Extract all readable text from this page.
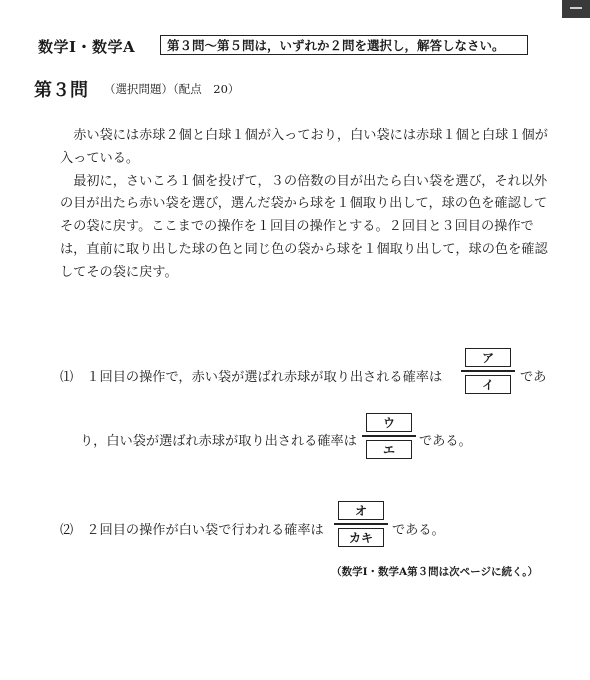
数学Ⅰ・数学A	第３問～第５問は，いずれか２問を選択し，解答しなさい。
第３問 （選択問題）（配点　20）

赤い袋には赤球２個と白球１個が入っており，白い袋には赤球１個と白球１個が入っている。

最初に，さいころ１個を投げて，３の倍数の目が出たら白い袋を選び，それ以外の目が出たら赤い袋を選び，選んだ袋から球を１個取り出して，球の色を確認してその袋に戻す。ここまでの操作を１回目の操作とする。２回目と３回目の操作では，直前に取り出した球の色と同じ色の袋から球を１個取り出して，球の色を確認してその袋に戻す。

⑴　１回目の操作で，赤い袋が選ばれ赤球が取り出される確率は
ア
イ	であ
り，白い袋が選ばれ赤球が取り出される確率は
ウ
エ
である。
⑵　２回目の操作が白い袋で行われる確率は
オ
カキ	である。
（数学Ⅰ・数学A第３問は次ページに続く。）
